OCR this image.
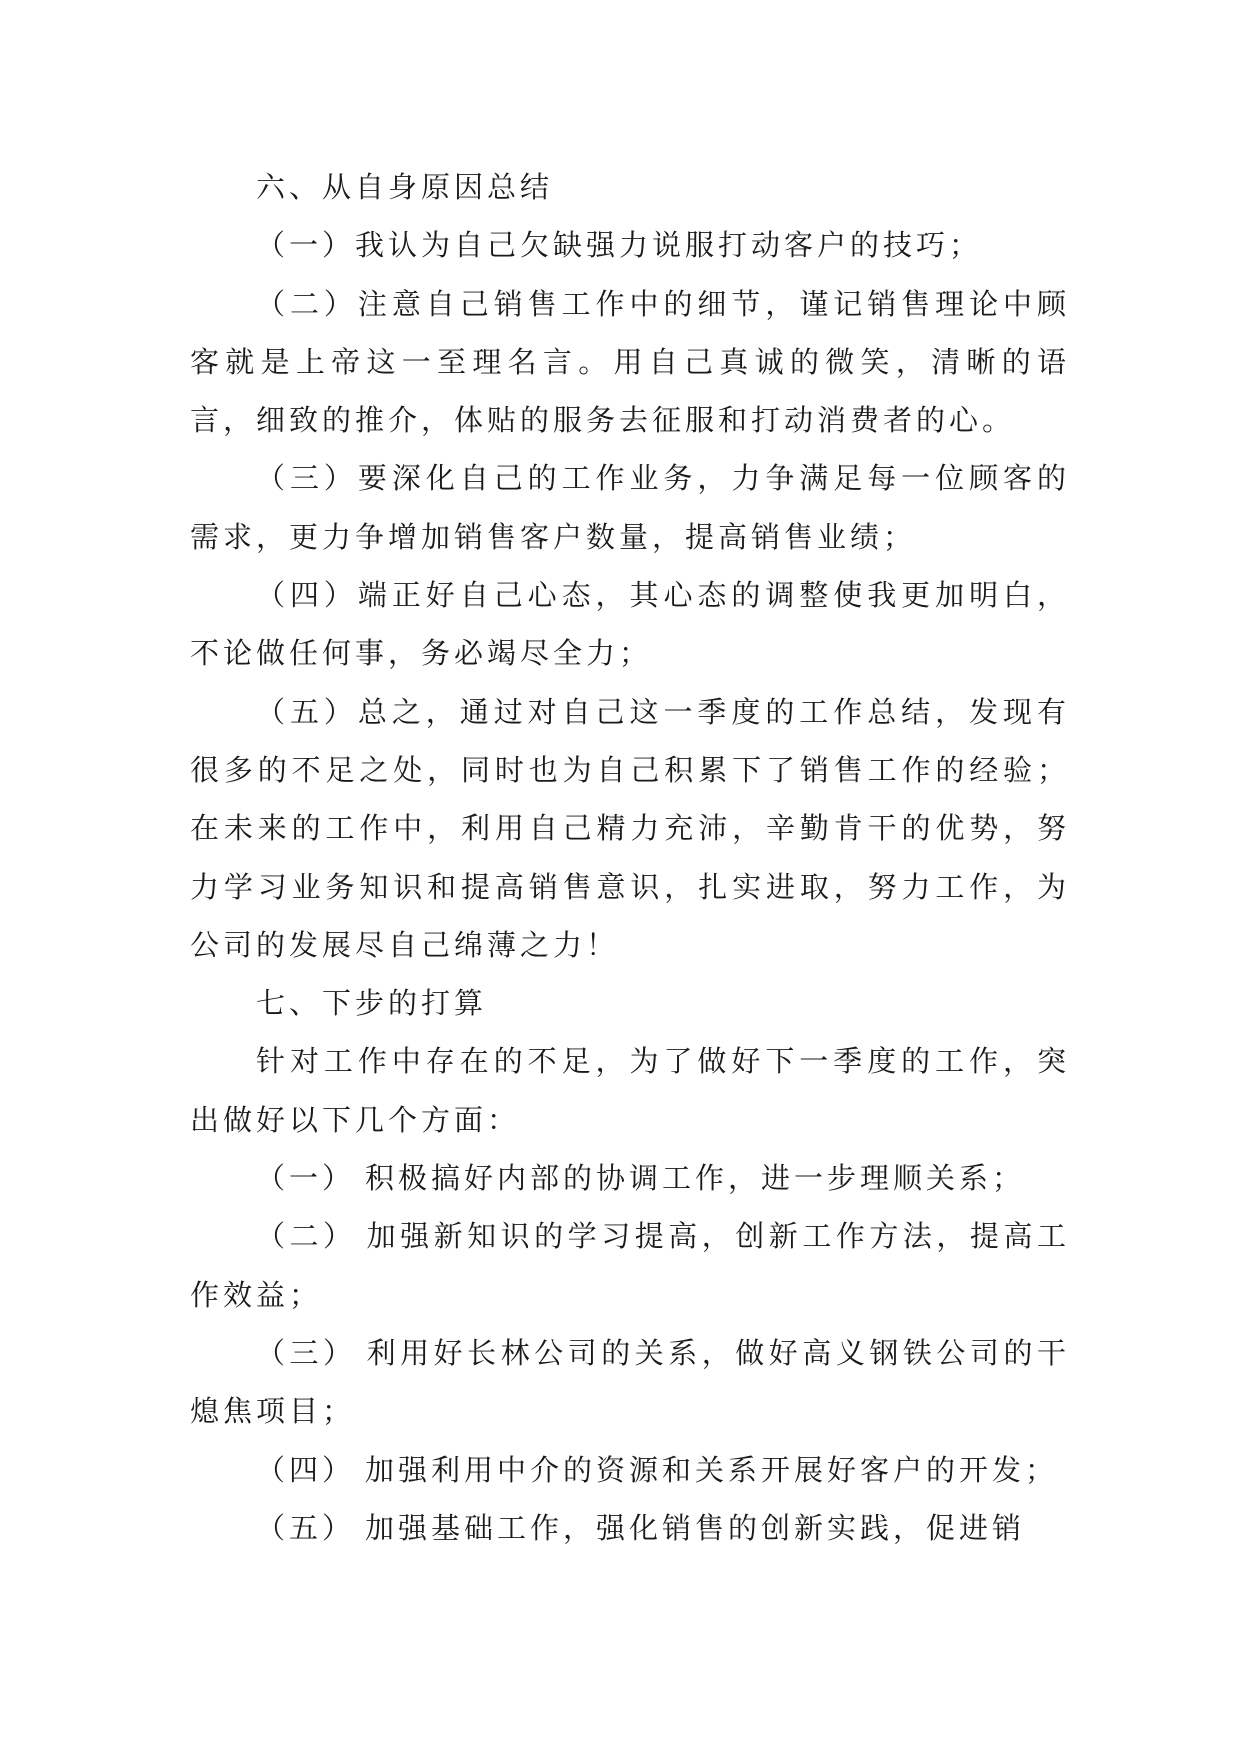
六、从自身原因总结

（一）我认为自己欠缺强力说服打动客户的技巧；

（二）注意自己销售工作中的细节，谨记销售理论中顾客就是上帝这一至理名言。用自己真诚的微笑，清晰的语言，细致的推介，体贴的服务去征服和打动消费者的心。

（三）要深化自己的工作业务，力争满足每一位顾客的需求，更力争增加销售客户数量，提高销售业绩；

（四）端正好自己心态，其心态的调整使我更加明白，不论做任何事，务必竭尽全力；

（五）总之，通过对自己这一季度的工作总结，发现有很多的不足之处，同时也为自己积累下了销售工作的经验；在未来的工作中，利用自己精力充沛，辛勤肯干的优势，努力学习业务知识和提高销售意识，扎实进取，努力工作，为公司的发展尽自己绵薄之力！

七、下步的打算

针对工作中存在的不足，为了做好下一季度的工作，突出做好以下几个方面：

（一） 积极搞好内部的协调工作，进一步理顺关系；

（二） 加强新知识的学习提高，创新工作方法，提高工作效益；

（三） 利用好长林公司的关系，做好高义钢铁公司的干熄焦项目；

（四） 加强利用中介的资源和关系开展好客户的开发；

（五） 加强基础工作，强化销售的创新实践，促进销
